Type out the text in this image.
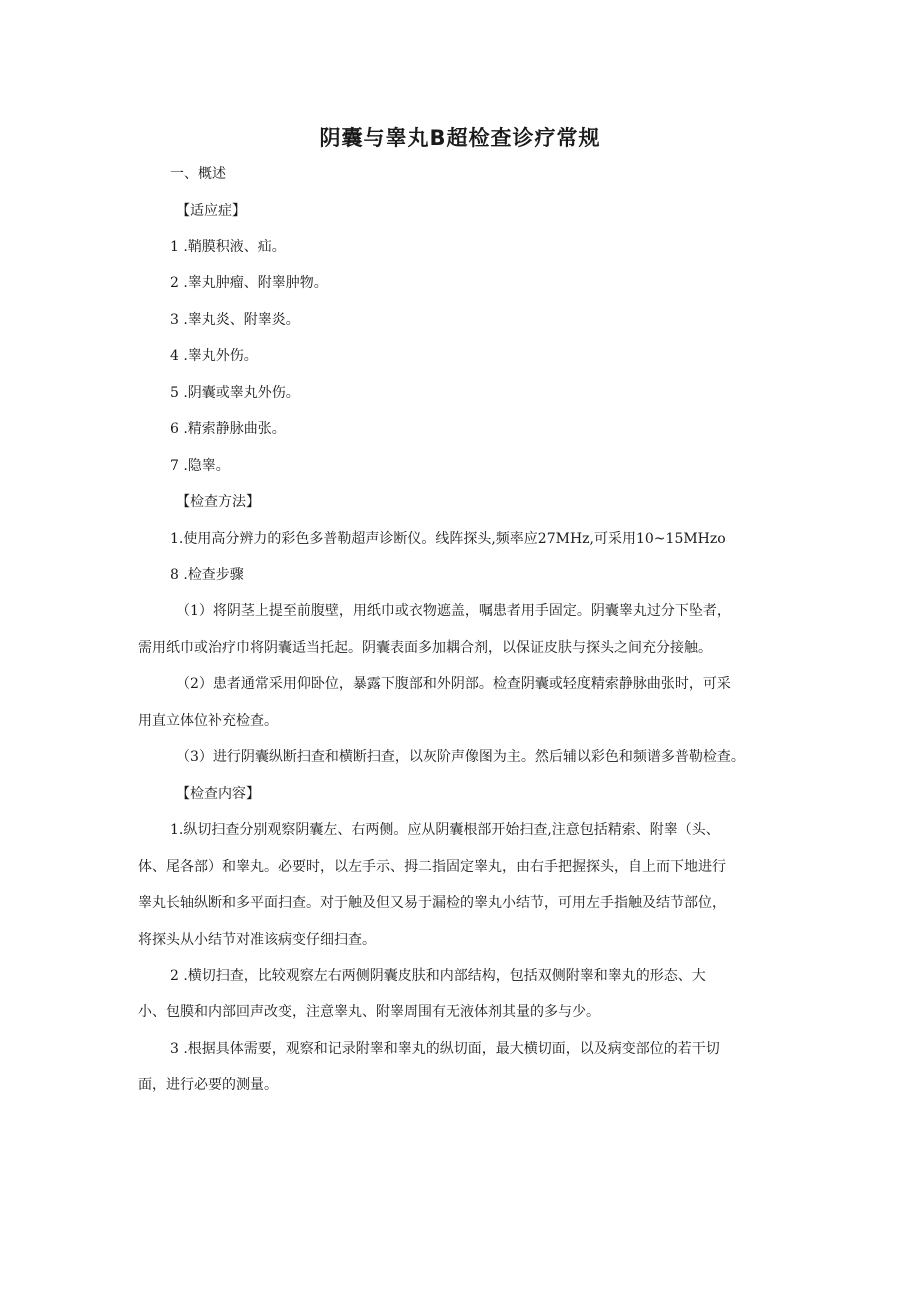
阴囊与睾丸B超检查诊疗常规
一、概述
【适应症】
1 .鞘膜积液、疝。
2 .睾丸肿瘤、附睾肿物。
3 .睾丸炎、附睾炎。
4 .睾丸外伤。
5 .阴囊或睾丸外伤。
6 .精索静脉曲张。
7 .隐睾。
【检查方法】
1.使用高分辨力的彩色多普勒超声诊断仪。线阵探头,频率应27MHz,可采用10~15MHzo
8 .检查步骤
（1）将阴茎上提至前腹壁，用纸巾或衣物遮盖，嘱患者用手固定。阴囊睾丸过分下坠者，
需用纸巾或治疗巾将阴囊适当托起。阴囊表面多加耦合剂，以保证皮肤与探头之间充分接触。
（2）患者通常采用仰卧位，暴露下腹部和外阴部。检查阴囊或轻度精索静脉曲张时，可采
用直立体位补充检查。
（3）进行阴囊纵断扫查和横断扫查，以灰阶声像图为主。然后辅以彩色和频谱多普勒检查。
【检查内容】
1.纵切扫查分别观察阴囊左、右两侧。应从阴囊根部开始扫查,注意包括精索、附睾（头、
体、尾各部）和睾丸。必要时，以左手示、拇二指固定睾丸，由右手把握探头，自上而下地进行
睾丸长轴纵断和多平面扫查。对于触及但又易于漏检的睾丸小结节，可用左手指触及结节部位，
将探头从小结节对准该病变仔细扫查。
2 .横切扫查，比较观察左右两侧阴囊皮肤和内部结构，包括双侧附睾和睾丸的形态、大
小、包膜和内部回声改变，注意睾丸、附睾周围有无液体剂其量的多与少。
3 .根据具体需要，观察和记录附睾和睾丸的纵切面，最大横切面，以及病变部位的若干切
面，进行必要的测量。
